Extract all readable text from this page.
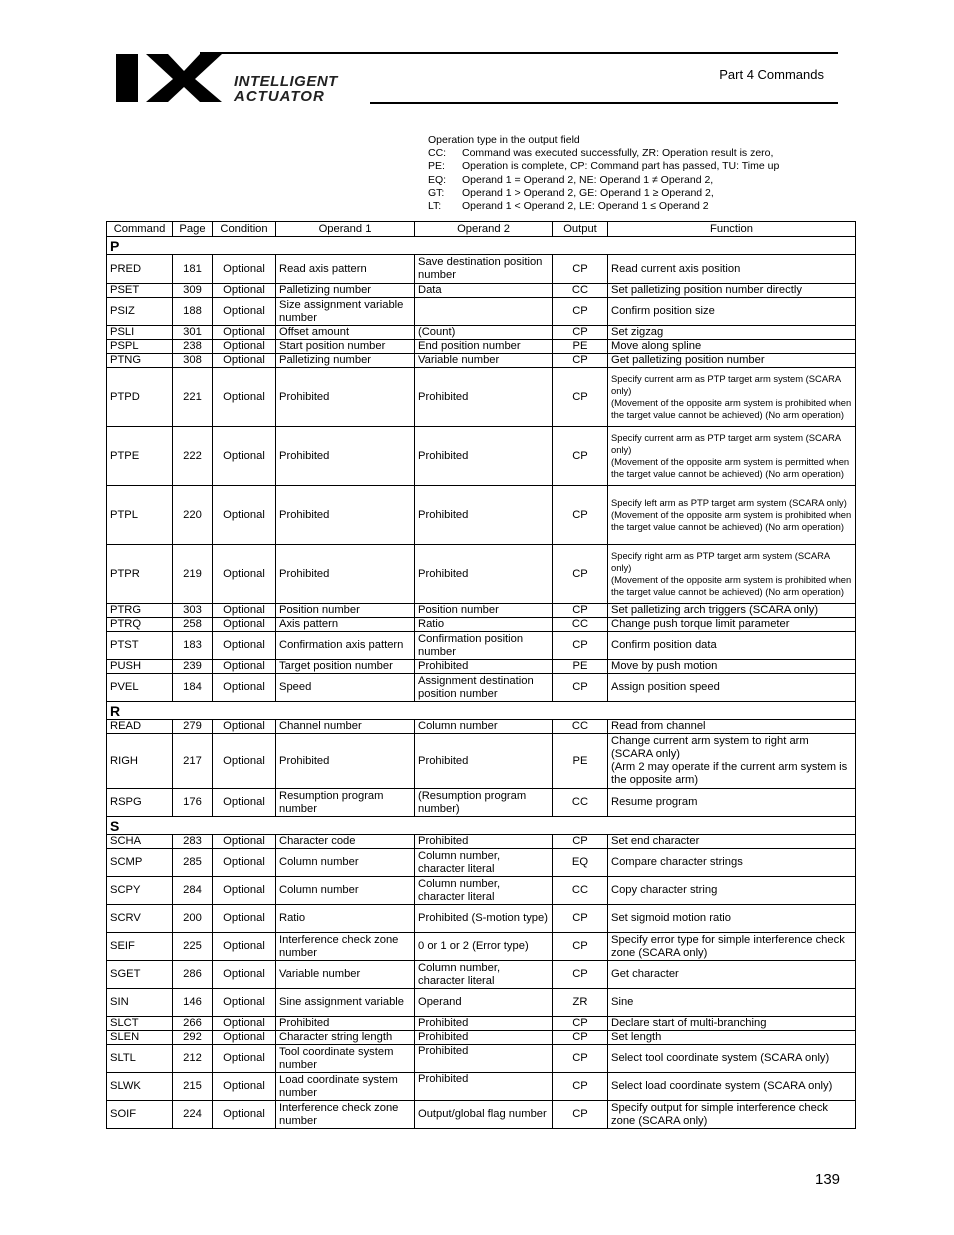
INTELLIGENT
ACTUATOR
Part 4 Commands
Operation type in the output field
CC:	Command was executed successfully, ZR: Operation result is zero,
PE:	Operation is complete, CP: Command part has passed, TU: Time up
EQ:	Operand 1 = Operand 2, NE: Operand 1 ≠ Operand 2,
GT:	Operand 1 > Operand 2, GE: Operand 1 ≥ Operand 2,
LT:	Operand 1 < Operand 2, LE: Operand 1 ≤ Operand 2
Command	Page	Condition	Operand 1	Operand 2	Output	Function
P						
PRED	181	Optional	Read axis pattern	Save destination position number	CP	Read current axis position
PSET	309	Optional	Palletizing number	Data	CC	Set palletizing position number directly
PSIZ	188	Optional	Size assignment variable number		CP	Confirm position size
PSLI	301	Optional	Offset amount	(Count)	CP	Set zigzag
PSPL	238	Optional	Start position number	End position number	PE	Move along spline
PTNG	308	Optional	Palletizing number	Variable number	CP	Get palletizing position number
PTPD	221	Optional	Prohibited	Prohibited	CP	Specify current arm as PTP target arm system (SCARA only)
(Movement of the opposite arm system is prohibited when the target value cannot be achieved) (No arm operation)

PTPE	222	Optional	Prohibited	Prohibited	CP	Specify current arm as PTP target arm system (SCARA only)
(Movement of the opposite arm system is permitted when the target value cannot be achieved) (No arm operation)

PTPL	220	Optional	Prohibited	Prohibited	CP	Specify left arm as PTP target arm system (SCARA only)
(Movement of the opposite arm system is prohibited when the target value cannot be achieved) (No arm operation)

PTPR	219	Optional	Prohibited	Prohibited	CP	Specify right arm as PTP target arm system (SCARA only)
(Movement of the opposite arm system is prohibited when the target value cannot be achieved) (No arm operation)

PTRG	303	Optional	Position number	Position number	CP	Set palletizing arch triggers (SCARA only)
PTRQ	258	Optional	Axis pattern	Ratio	CC	Change push torque limit parameter
PTST	183	Optional	Confirmation axis pattern	Confirmation position number	CP	Confirm position data
PUSH	239	Optional	Target position number	Prohibited	PE	Move by push motion
PVEL	184	Optional	Speed	Assignment destination position number	CP	Assign position speed
R						
READ	279	Optional	Channel number	Column number	CC	Read from channel
RIGH	217	Optional	Prohibited	Prohibited	PE	Change current arm system to right arm (SCARA only)
(Arm 2 may operate if the current arm system is the opposite arm)

RSPG	176	Optional	Resumption program number	(Resumption program number)	CC	Resume program
S						
SCHA	283	Optional	Character code	Prohibited	CP	Set end character
SCMP	285	Optional	Column number	Column number, character literal	EQ	Compare character strings
SCPY	284	Optional	Column number	Column number, character literal	CC	Copy character string
SCRV	200	Optional	Ratio	Prohibited (S-motion type)	CP	Set sigmoid motion ratio
SEIF	225	Optional	Interference check zone number	0 or 1 or 2 (Error type)	CP	Specify error type for simple interference check zone (SCARA only)
SGET	286	Optional	Variable number	Column number, character literal	CP	Get character
SIN	146	Optional	Sine assignment variable	Operand	ZR	Sine
SLCT	266	Optional	Prohibited	Prohibited	CP	Declare start of multi-branching
SLEN	292	Optional	Character string length	Prohibited	CP	Set length
SLTL	212	Optional	Tool coordinate system number	Prohibited	CP	Select tool coordinate system (SCARA only)
SLWK	215	Optional	Load coordinate system number	Prohibited	CP	Select load coordinate system (SCARA only)
SOIF	224	Optional	Interference check zone number	Output/global flag number	CP	Specify output for simple interference check zone (SCARA only)
139
